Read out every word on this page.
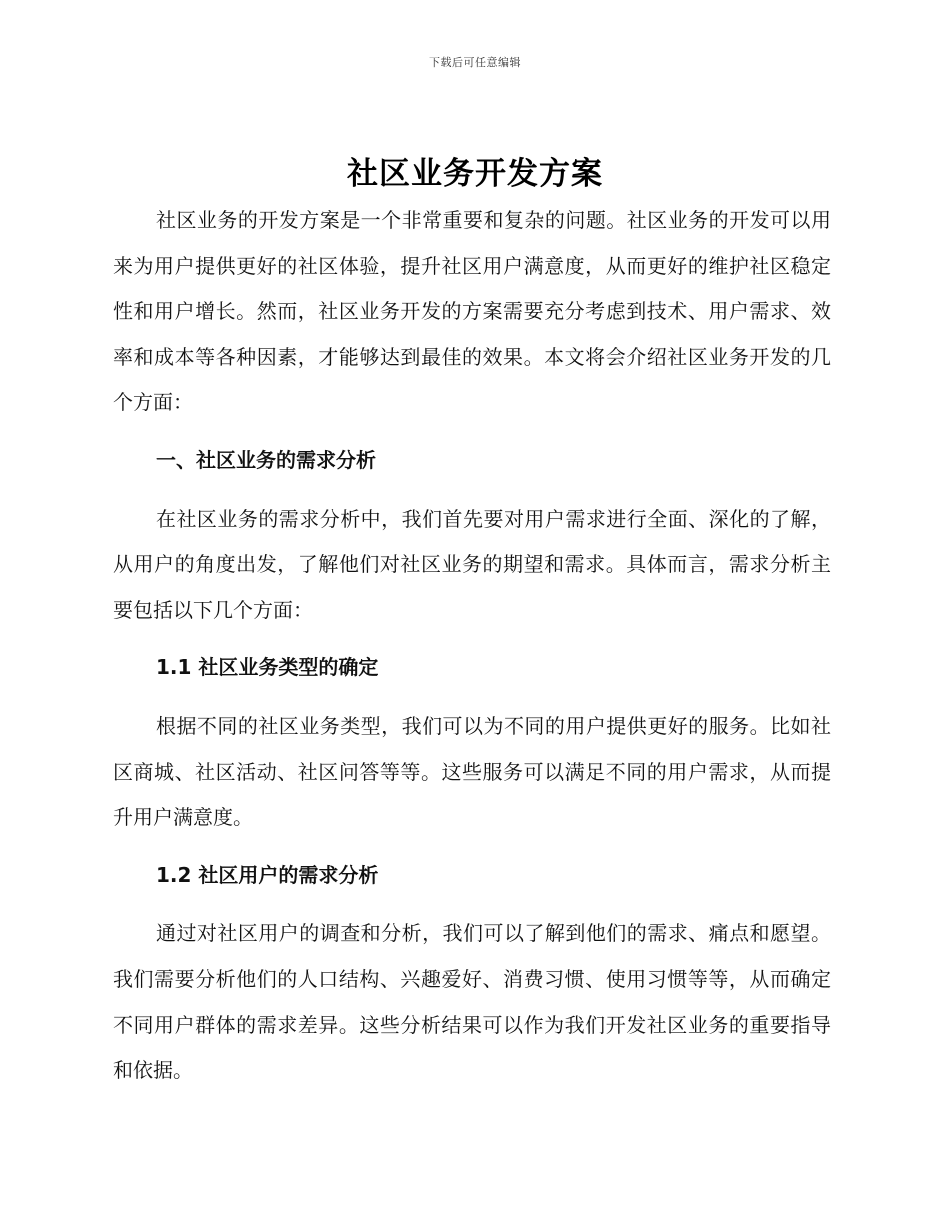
下载后可任意编辑
社区业务开发方案

社区业务的开发方案是一个非常重要和复杂的问题。社区业务的开发可以用来为用户提供更好的社区体验，提升社区用户满意度，从而更好的维护社区稳定性和用户增长。然而，社区业务开发的方案需要充分考虑到技术、用户需求、效率和成本等各种因素，才能够达到最佳的效果。本文将会介绍社区业务开发的几个方面：

一、社区业务的需求分析

在社区业务的需求分析中，我们首先要对用户需求进行全面、深化的了解，从用户的角度出发，了解他们对社区业务的期望和需求。具体而言，需求分析主要包括以下几个方面：

1.1 社区业务类型的确定

根据不同的社区业务类型，我们可以为不同的用户提供更好的服务。比如社区商城、社区活动、社区问答等等。这些服务可以满足不同的用户需求，从而提升用户满意度。

1.2 社区用户的需求分析

通过对社区用户的调查和分析，我们可以了解到他们的需求、痛点和愿望。我们需要分析他们的人口结构、兴趣爱好、消费习惯、使用习惯等等，从而确定不同用户群体的需求差异。这些分析结果可以作为我们开发社区业务的重要指导和依据。
